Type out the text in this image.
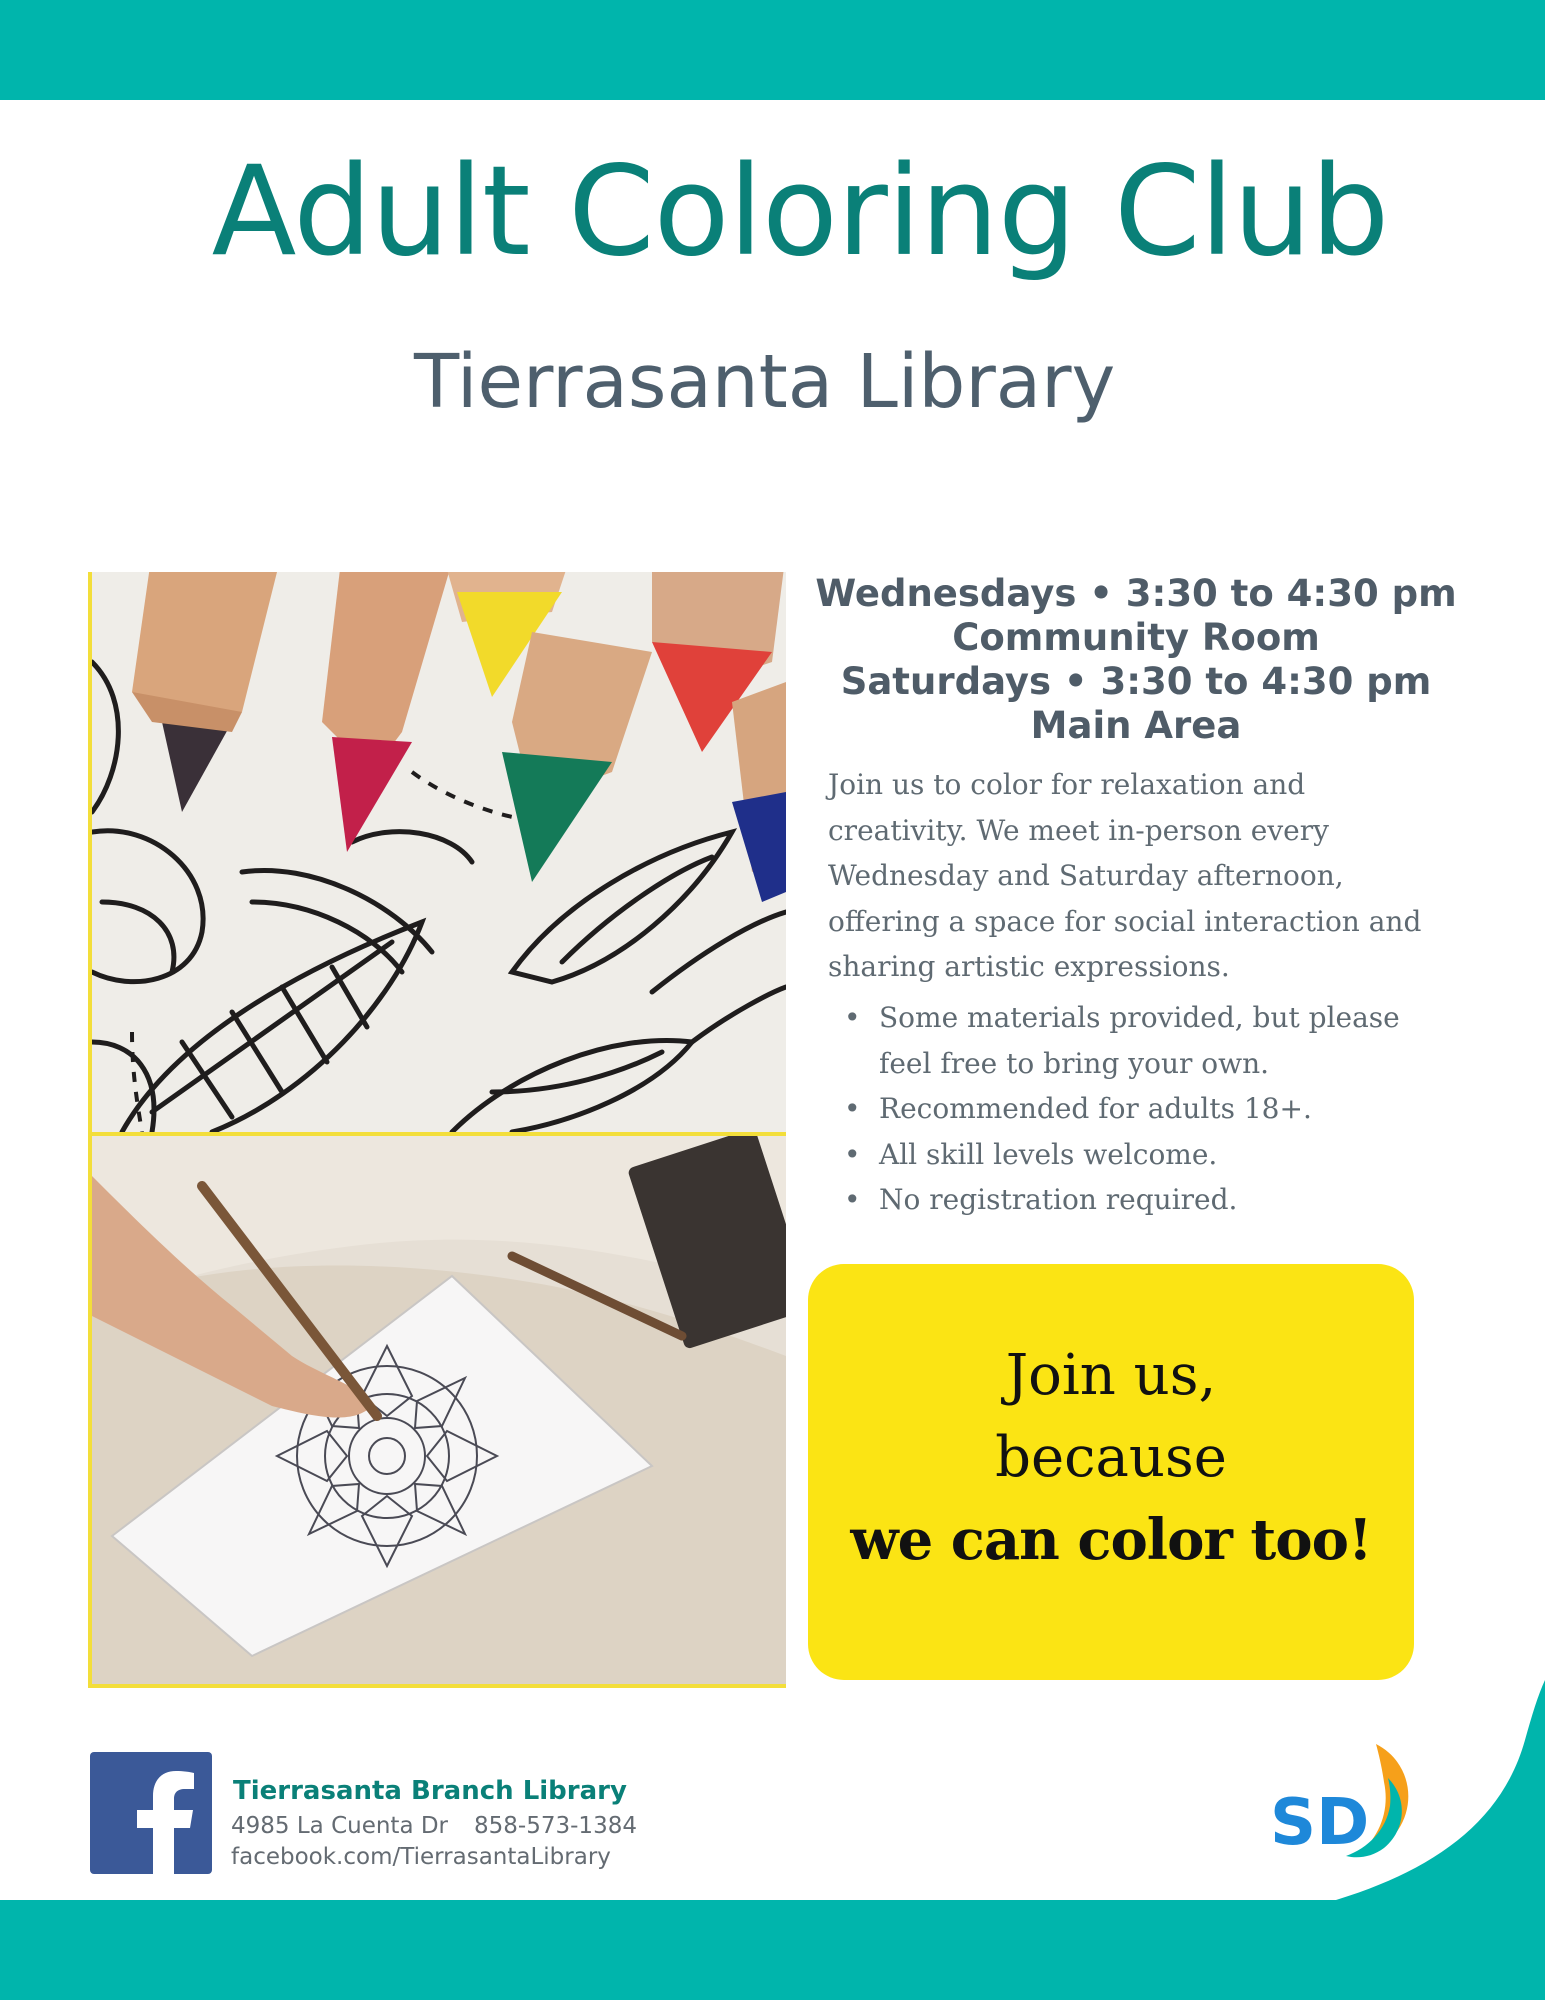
Adult Coloring Club
Tierrasanta Library
Wednesdays • 3:30 to 4:30 pm
Community Room
Saturdays • 3:30 to 4:30 pm
Main Area

Join us to color for relaxation and creativity. We meet in-person every Wednesday and Saturday afternoon, offering a space for social interaction and sharing artistic expressions.

• Some materials provided, but please feel free to bring your own.
• Recommended for adults 18+.
• All skill levels welcome.
• No registration required.
Join us,
because
we can color too!
Tierrasanta Branch Library
4985 La Cuenta Dr 858-573-1384
facebook.com/TierrasantaLibrary	SD
